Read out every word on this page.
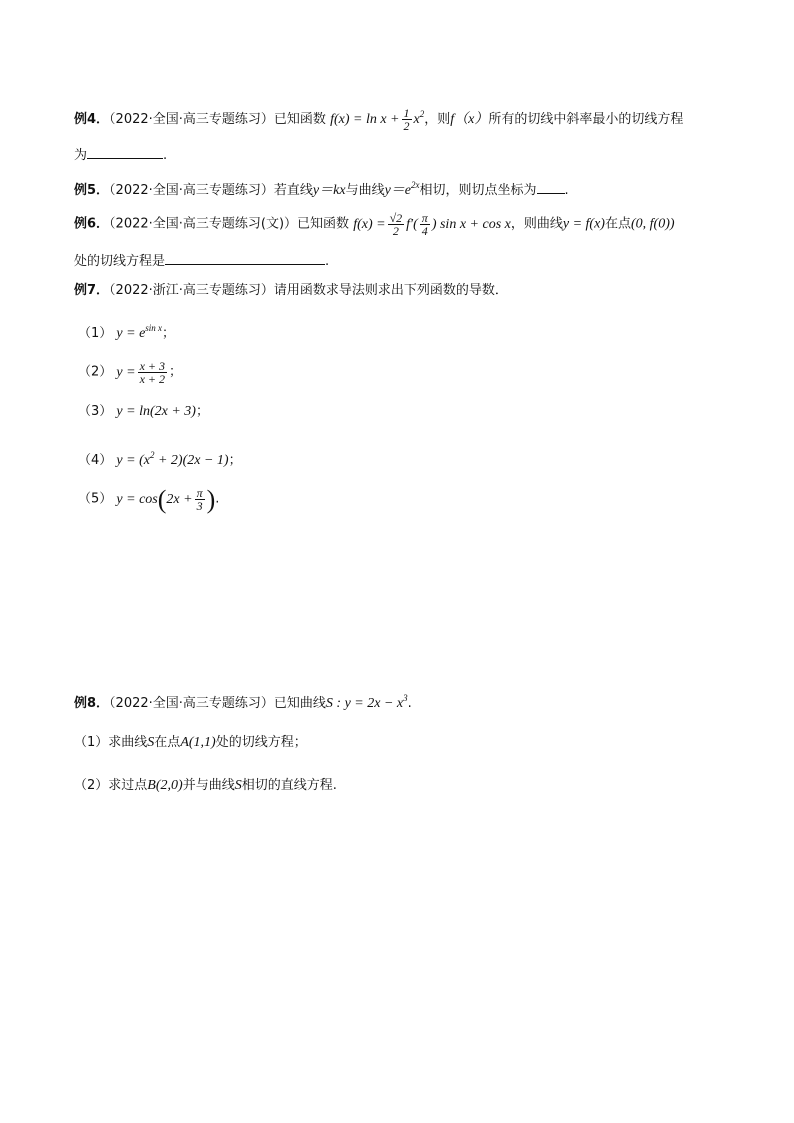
例4．（2022·全国·高三专题练习）已知函数 $f(x) = \ln x + \frac{1}{2} x^2$，则f（x）所有的切线中斜率最小的切线方程
为	.
例5．（2022·全国·高三专题练习）若直线y＝kx与曲线$y=e^{2x}$相切，则切点坐标为 .
例6．（2022·全国·高三专题练习(文)）已知函数 $f(x) = \frac{√2}{2} f'( \frac{\pi}{4}$ ) sin x + cos x，则曲线y = f(x)在点(0, f(0))
处的切线方程是	.
例7．（2022·浙江·高三专题练习）请用函数求导法则求出下列函数的导数．
（1） $y = e^{sin x}$；
（2） $y = \frac{x + 3}{x + 2}$ ；
（3） y = ln(2x + 3)；
（4） $y = (x^2 + 2)(2x - 1)$；
（5） $y = \cos(2x + \frac{\pi}{3}$ ).
例8．（2022·全国·高三专题练习）已知曲线S : $y = 2x - x^3$.
（1）求曲线S在点A(1,1)处的切线方程；
（2）求过点B(2,0)并与曲线S相切的直线方程.
